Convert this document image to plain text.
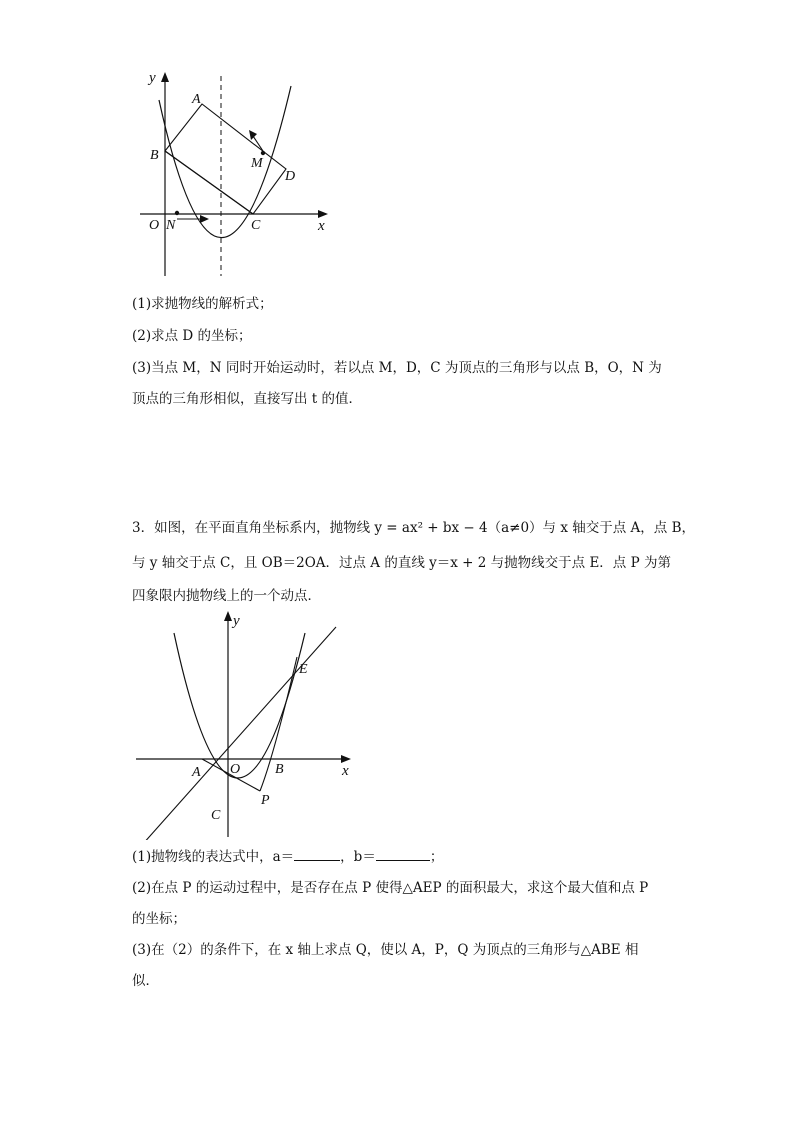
y
x
O N	C
B
A
M
D
(1)求抛物线的解析式；
(2)求点 D 的坐标；
(3)当点 M，N 同时开始运动时，若以点 M，D，C 为顶点的三角形与以点 B，O，N 为
顶点的三角形相似，直接写出 t 的值．
3．如图，在平面直角坐标系内，抛物线 y = ax² + bx − 4（a≠0）与 x 轴交于点 A，点 B，
与 y 轴交于点 C，且 OB＝2OA．过点 A 的直线 y＝x + 2 与抛物线交于点 E．点 P 为第
四象限内抛物线上的一个动点．
y
x
O
A	B
C
P
E
(1)抛物线的表达式中，a＝	，b＝	；
(2)在点 P 的运动过程中，是否存在点 P 使得△AEP 的面积最大，求这个最大值和点 P
的坐标；
(3)在（2）的条件下，在 x 轴上求点 Q，使以 A，P，Q 为顶点的三角形与△ABE 相
似．
